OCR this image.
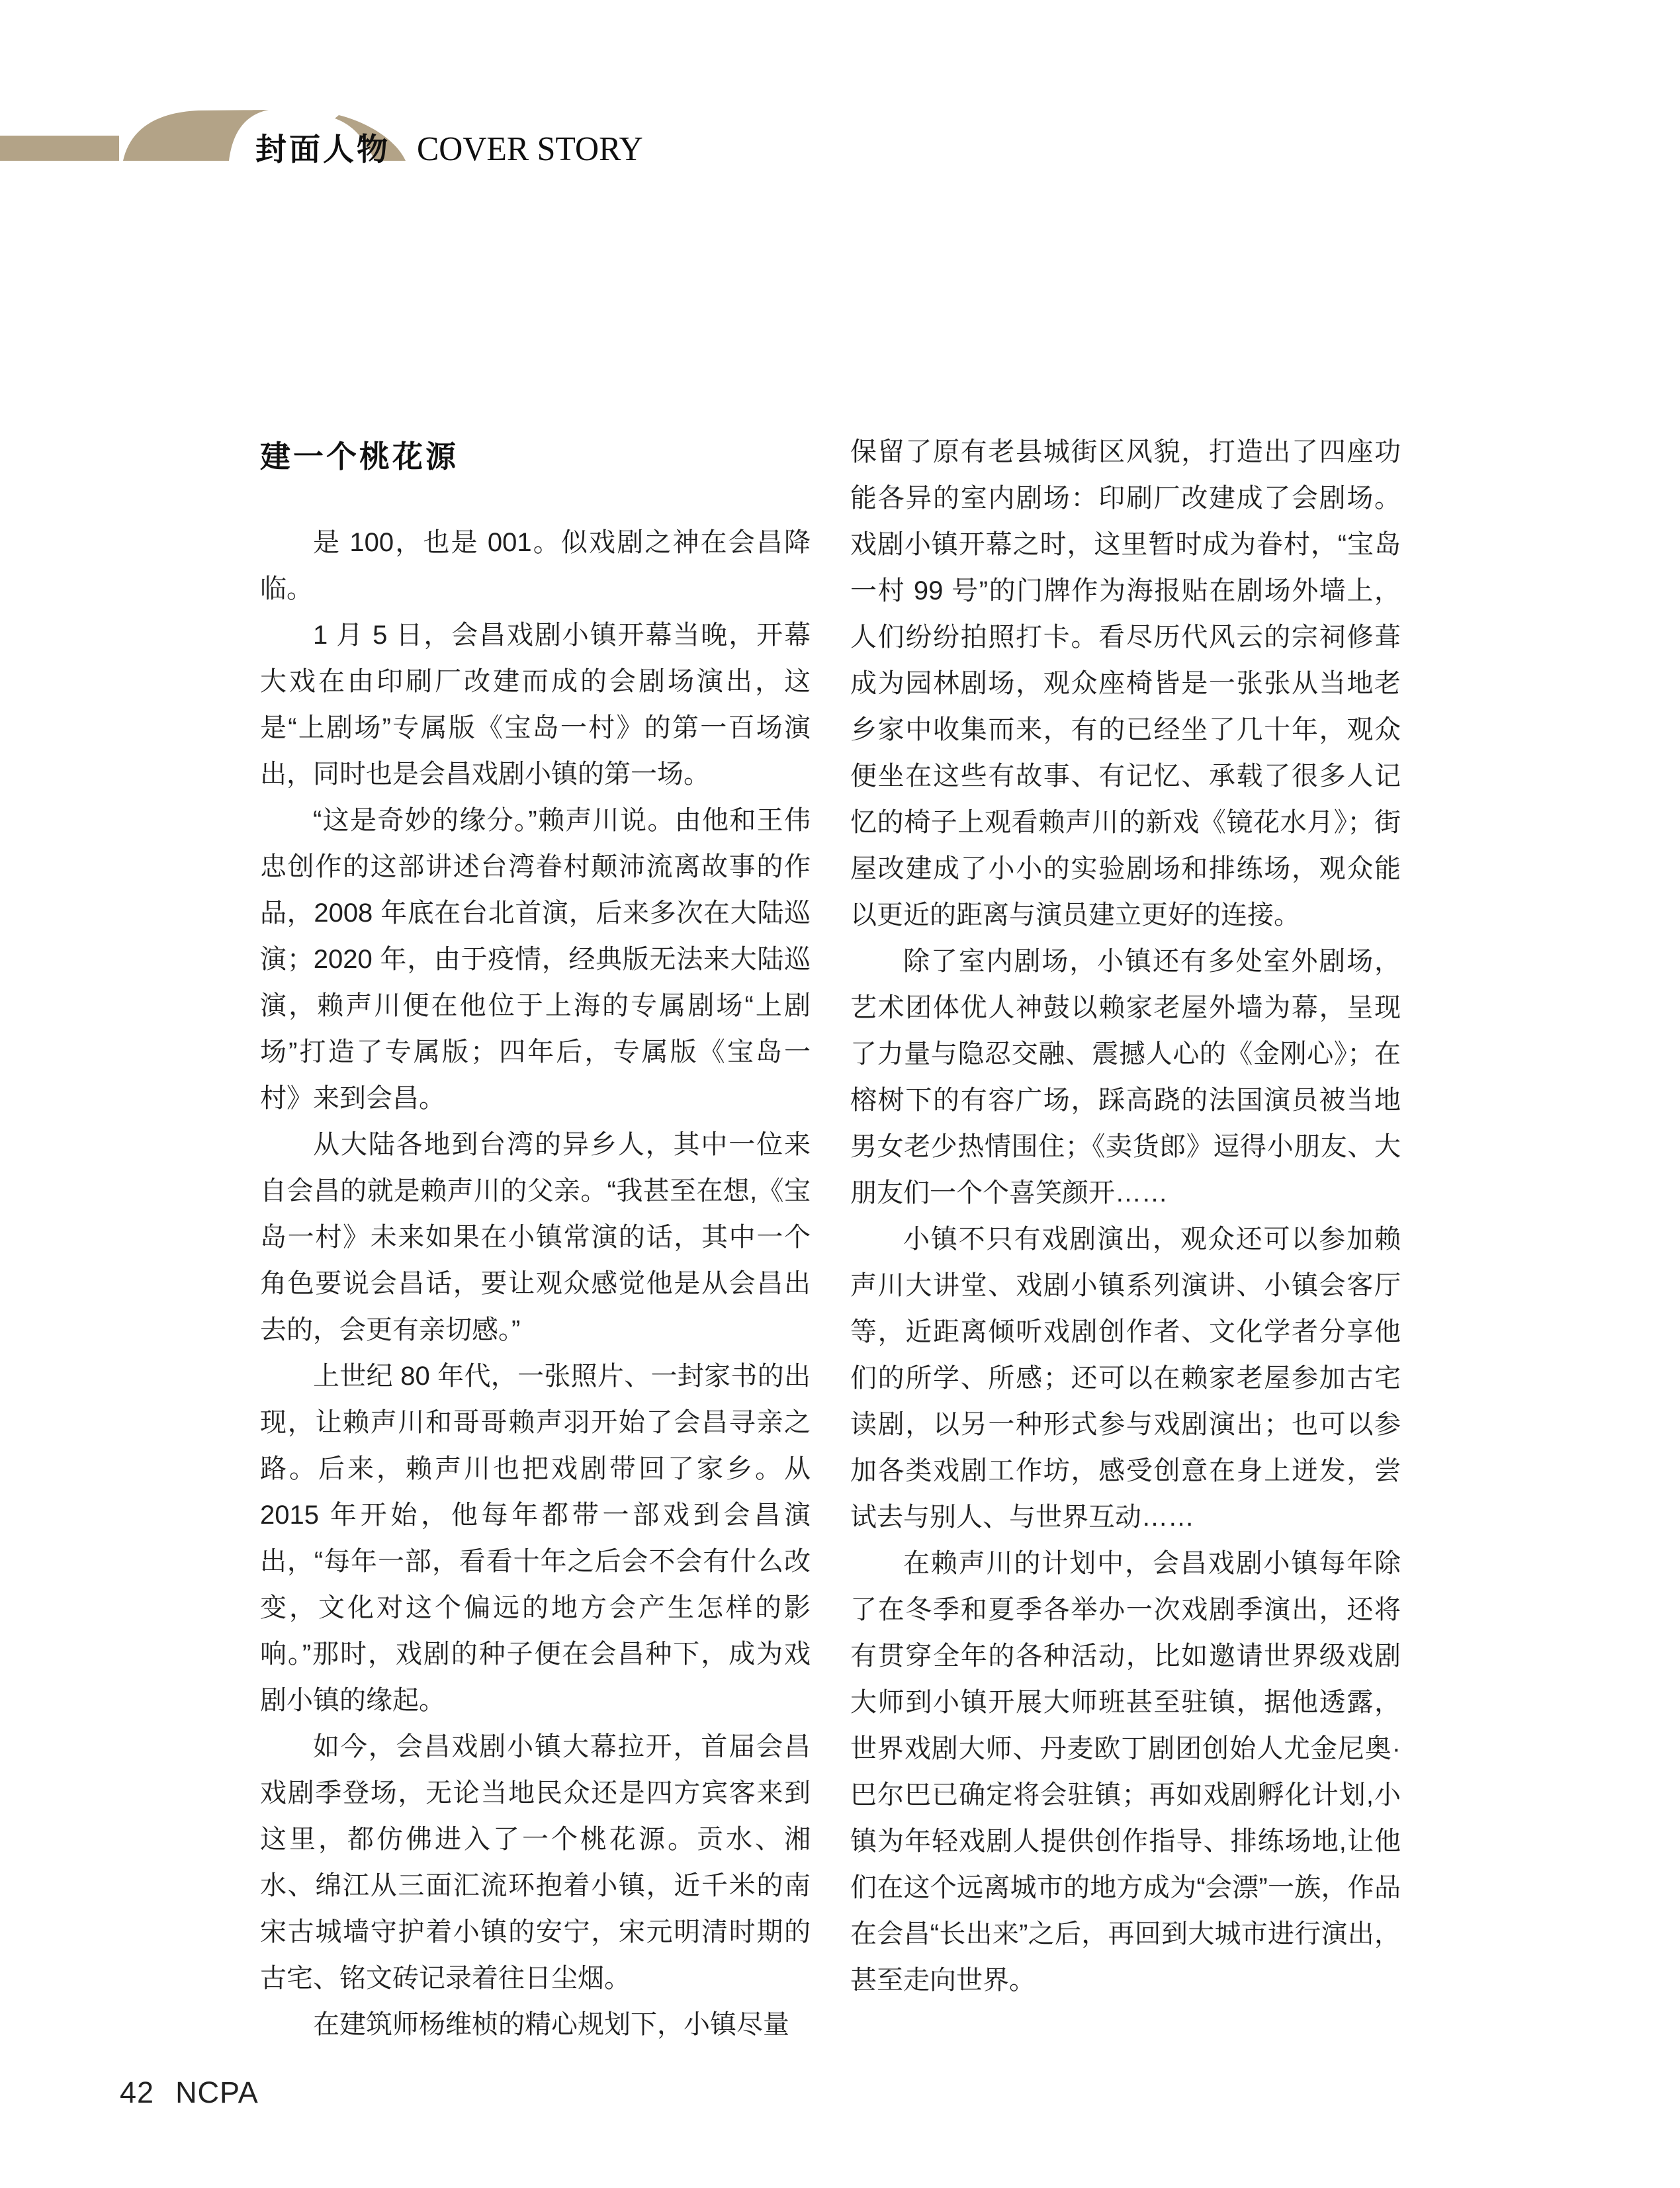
封面人物 COVER STORY
建一个桃花源

是 100，也是 001。似戏剧之神在会昌降临。

1 月 5 日，会昌戏剧小镇开幕当晚，开幕大戏在由印刷厂改建而成的会剧场演出，这是“上剧场”专属版《宝岛一村》的第一百场演出，同时也是会昌戏剧小镇的第一场。

“这是奇妙的缘分。”赖声川说。由他和王伟忠创作的这部讲述台湾眷村颠沛流离故事的作品，2008 年底在台北首演，后来多次在大陆巡演；2020 年，由于疫情，经典版无法来大陆巡演，赖声川便在他位于上海的专属剧场“上剧场”打造了专属版；四年后，专属版《宝岛一村》来到会昌。

从大陆各地到台湾的异乡人，其中一位来自会昌的就是赖声川的父亲。“我甚至在想,《宝岛一村》未来如果在小镇常演的话，其中一个角色要说会昌话，要让观众感觉他是从会昌出去的，会更有亲切感。”

上世纪 80 年代，一张照片、一封家书的出现，让赖声川和哥哥赖声羽开始了会昌寻亲之路。后来，赖声川也把戏剧带回了家乡。从 2015 年开始，他每年都带一部戏到会昌演出，“每年一部，看看十年之后会不会有什么改变，文化对这个偏远的地方会产生怎样的影响。”那时，戏剧的种子便在会昌种下，成为戏剧小镇的缘起。

如今，会昌戏剧小镇大幕拉开，首届会昌戏剧季登场，无论当地民众还是四方宾客来到这里，都仿佛进入了一个桃花源。贡水、湘水、绵江从三面汇流环抱着小镇，近千米的南宋古城墙守护着小镇的安宁，宋元明清时期的古宅、铭文砖记录着往日尘烟。

在建筑师杨维桢的精心规划下，小镇尽量

保留了原有老县城街区风貌，打造出了四座功能各异的室内剧场：印刷厂改建成了会剧场。戏剧小镇开幕之时，这里暂时成为眷村，“宝岛一村 99 号”的门牌作为海报贴在剧场外墙上，人们纷纷拍照打卡。看尽历代风云的宗祠修葺成为园林剧场，观众座椅皆是一张张从当地老乡家中收集而来，有的已经坐了几十年，观众便坐在这些有故事、有记忆、承载了很多人记忆的椅子上观看赖声川的新戏《镜花水月》；街屋改建成了小小的实验剧场和排练场，观众能以更近的距离与演员建立更好的连接。

除了室内剧场，小镇还有多处室外剧场，艺术团体优人神鼓以赖家老屋外墙为幕，呈现了力量与隐忍交融、震撼人心的《金刚心》；在榕树下的有容广场，踩高跷的法国演员被当地男女老少热情围住；《卖货郎》逗得小朋友、大朋友们一个个喜笑颜开……

小镇不只有戏剧演出，观众还可以参加赖声川大讲堂、戏剧小镇系列演讲、小镇会客厅等，近距离倾听戏剧创作者、文化学者分享他们的所学、所感；还可以在赖家老屋参加古宅读剧，以另一种形式参与戏剧演出；也可以参加各类戏剧工作坊，感受创意在身上迸发，尝试去与别人、与世界互动……

在赖声川的计划中，会昌戏剧小镇每年除了在冬季和夏季各举办一次戏剧季演出，还将有贯穿全年的各种活动，比如邀请世界级戏剧大师到小镇开展大师班甚至驻镇，据他透露，世界戏剧大师、丹麦欧丁剧团创始人尤金尼奥·巴尔巴已确定将会驻镇；再如戏剧孵化计划,小镇为年轻戏剧人提供创作指导、排练场地,让他们在这个远离城市的地方成为“会漂”一族，作品在会昌“长出来”之后，再回到大城市进行演出，甚至走向世界。

42 NCPA
